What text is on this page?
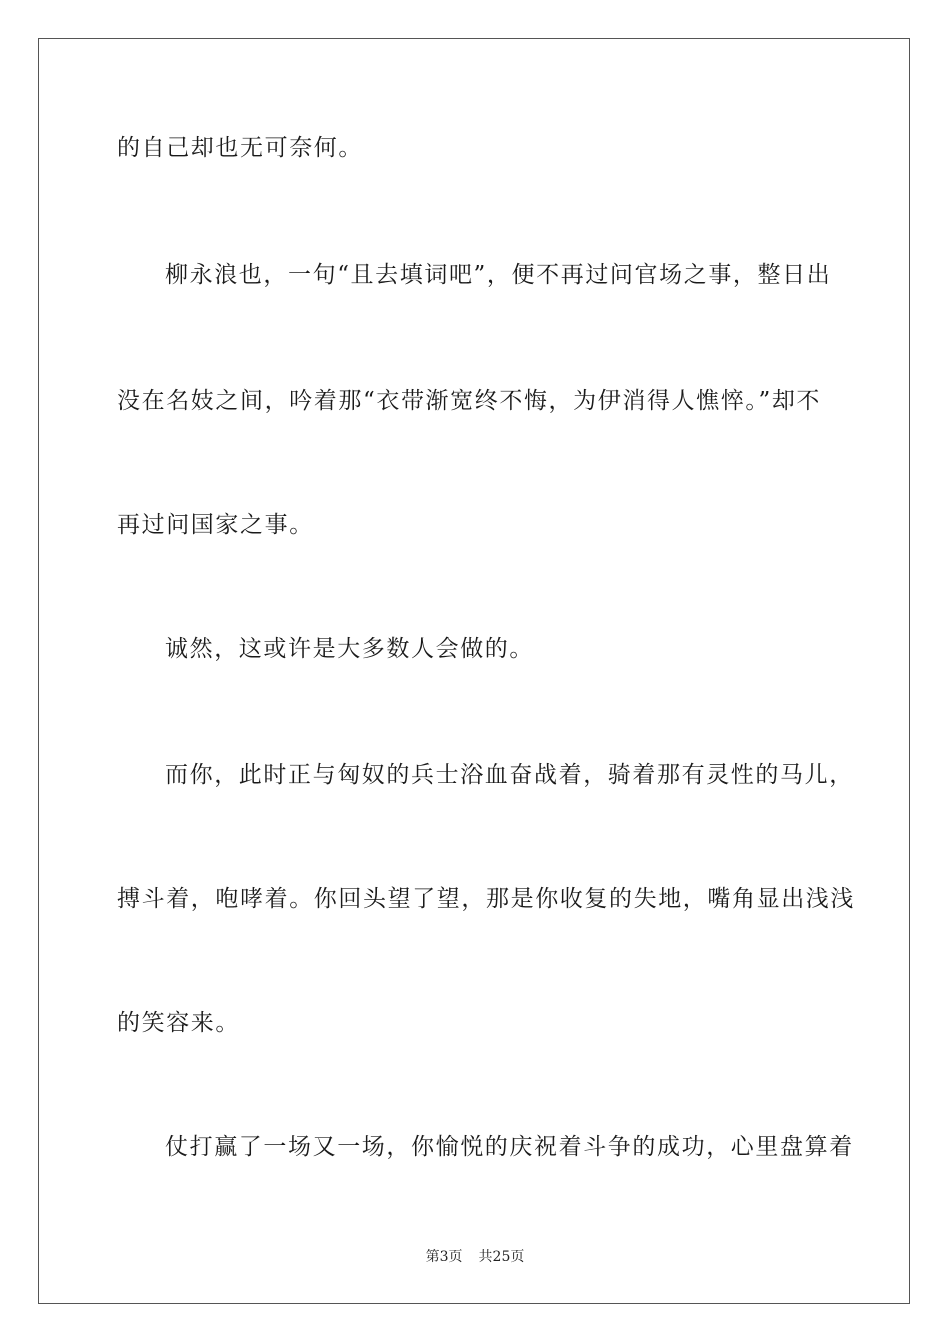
的自己却也无可奈何。
柳永浪也，一句“且去填词吧”，便不再过问官场之事，整日出
没在名妓之间，吟着那“衣带渐宽终不悔，为伊消得人憔悴。”却不
再过问国家之事。
诚然，这或许是大多数人会做的。
而你，此时正与匈奴的兵士浴血奋战着，骑着那有灵性的马儿，
搏斗着，咆哮着。你回头望了望，那是你收复的失地，嘴角显出浅浅
的笑容来。
仗打赢了一场又一场，你愉悦的庆祝着斗争的成功，心里盘算着
第3页 共25页
